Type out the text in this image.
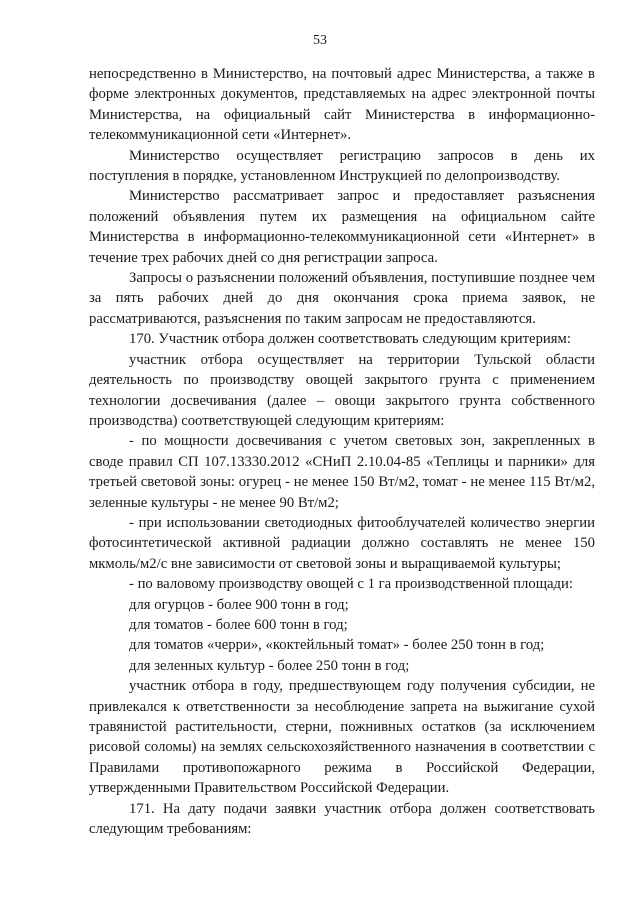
53

непосредственно в Министерство, на почтовый адрес Министерства, а также в форме электронных документов, представляемых на адрес электронной почты Министерства, на официальный сайт Министерства в информационно-телекоммуникационной сети «Интернет».

Министерство осуществляет регистрацию запросов в день их поступления в порядке, установленном Инструкцией по делопроизводству.

Министерство рассматривает запрос и предоставляет разъяснения положений объявления путем их размещения на официальном сайте Министерства в информационно-телекоммуникационной сети «Интернет» в течение трех рабочих дней со дня регистрации запроса.

Запросы о разъяснении положений объявления, поступившие позднее чем за пять рабочих дней до дня окончания срока приема заявок, не рассматриваются, разъяснения по таким запросам не предоставляются.

170. Участник отбора должен соответствовать следующим критериям:

участник отбора осуществляет на территории Тульской области деятельность по производству овощей закрытого грунта с применением технологии досвечивания (далее – овощи закрытого грунта собственного производства) соответствующей следующим критериям:

- по мощности досвечивания с учетом световых зон, закрепленных в своде правил СП 107.13330.2012 «СНиП 2.10.04-85 «Теплицы и парники» для третьей световой зоны: огурец - не менее 150 Вт/м2, томат - не менее 115 Вт/м2, зеленные культуры - не менее 90 Вт/м2;

- при использовании светодиодных фитооблучателей количество энергии фотосинтетической активной радиации должно составлять не менее 150 мкмоль/м2/с вне зависимости от световой зоны и выращиваемой культуры;

- по валовому производству овощей с 1 га производственной площади:

для огурцов - более 900 тонн в год;

для томатов - более 600 тонн в год;

для томатов «черри», «коктейльный томат» - более 250 тонн в год;

для зеленных культур - более 250 тонн в год;

участник отбора в году, предшествующем году получения субсидии, не привлекался к ответственности за несоблюдение запрета на выжигание сухой травянистой растительности, стерни, пожнивных остатков (за исключением рисовой соломы) на землях сельскохозяйственного назначения в соответствии с Правилами противопожарного режима в Российской Федерации, утвержденными Правительством Российской Федерации.

171. На дату подачи заявки участник отбора должен соответствовать следующим требованиям:
